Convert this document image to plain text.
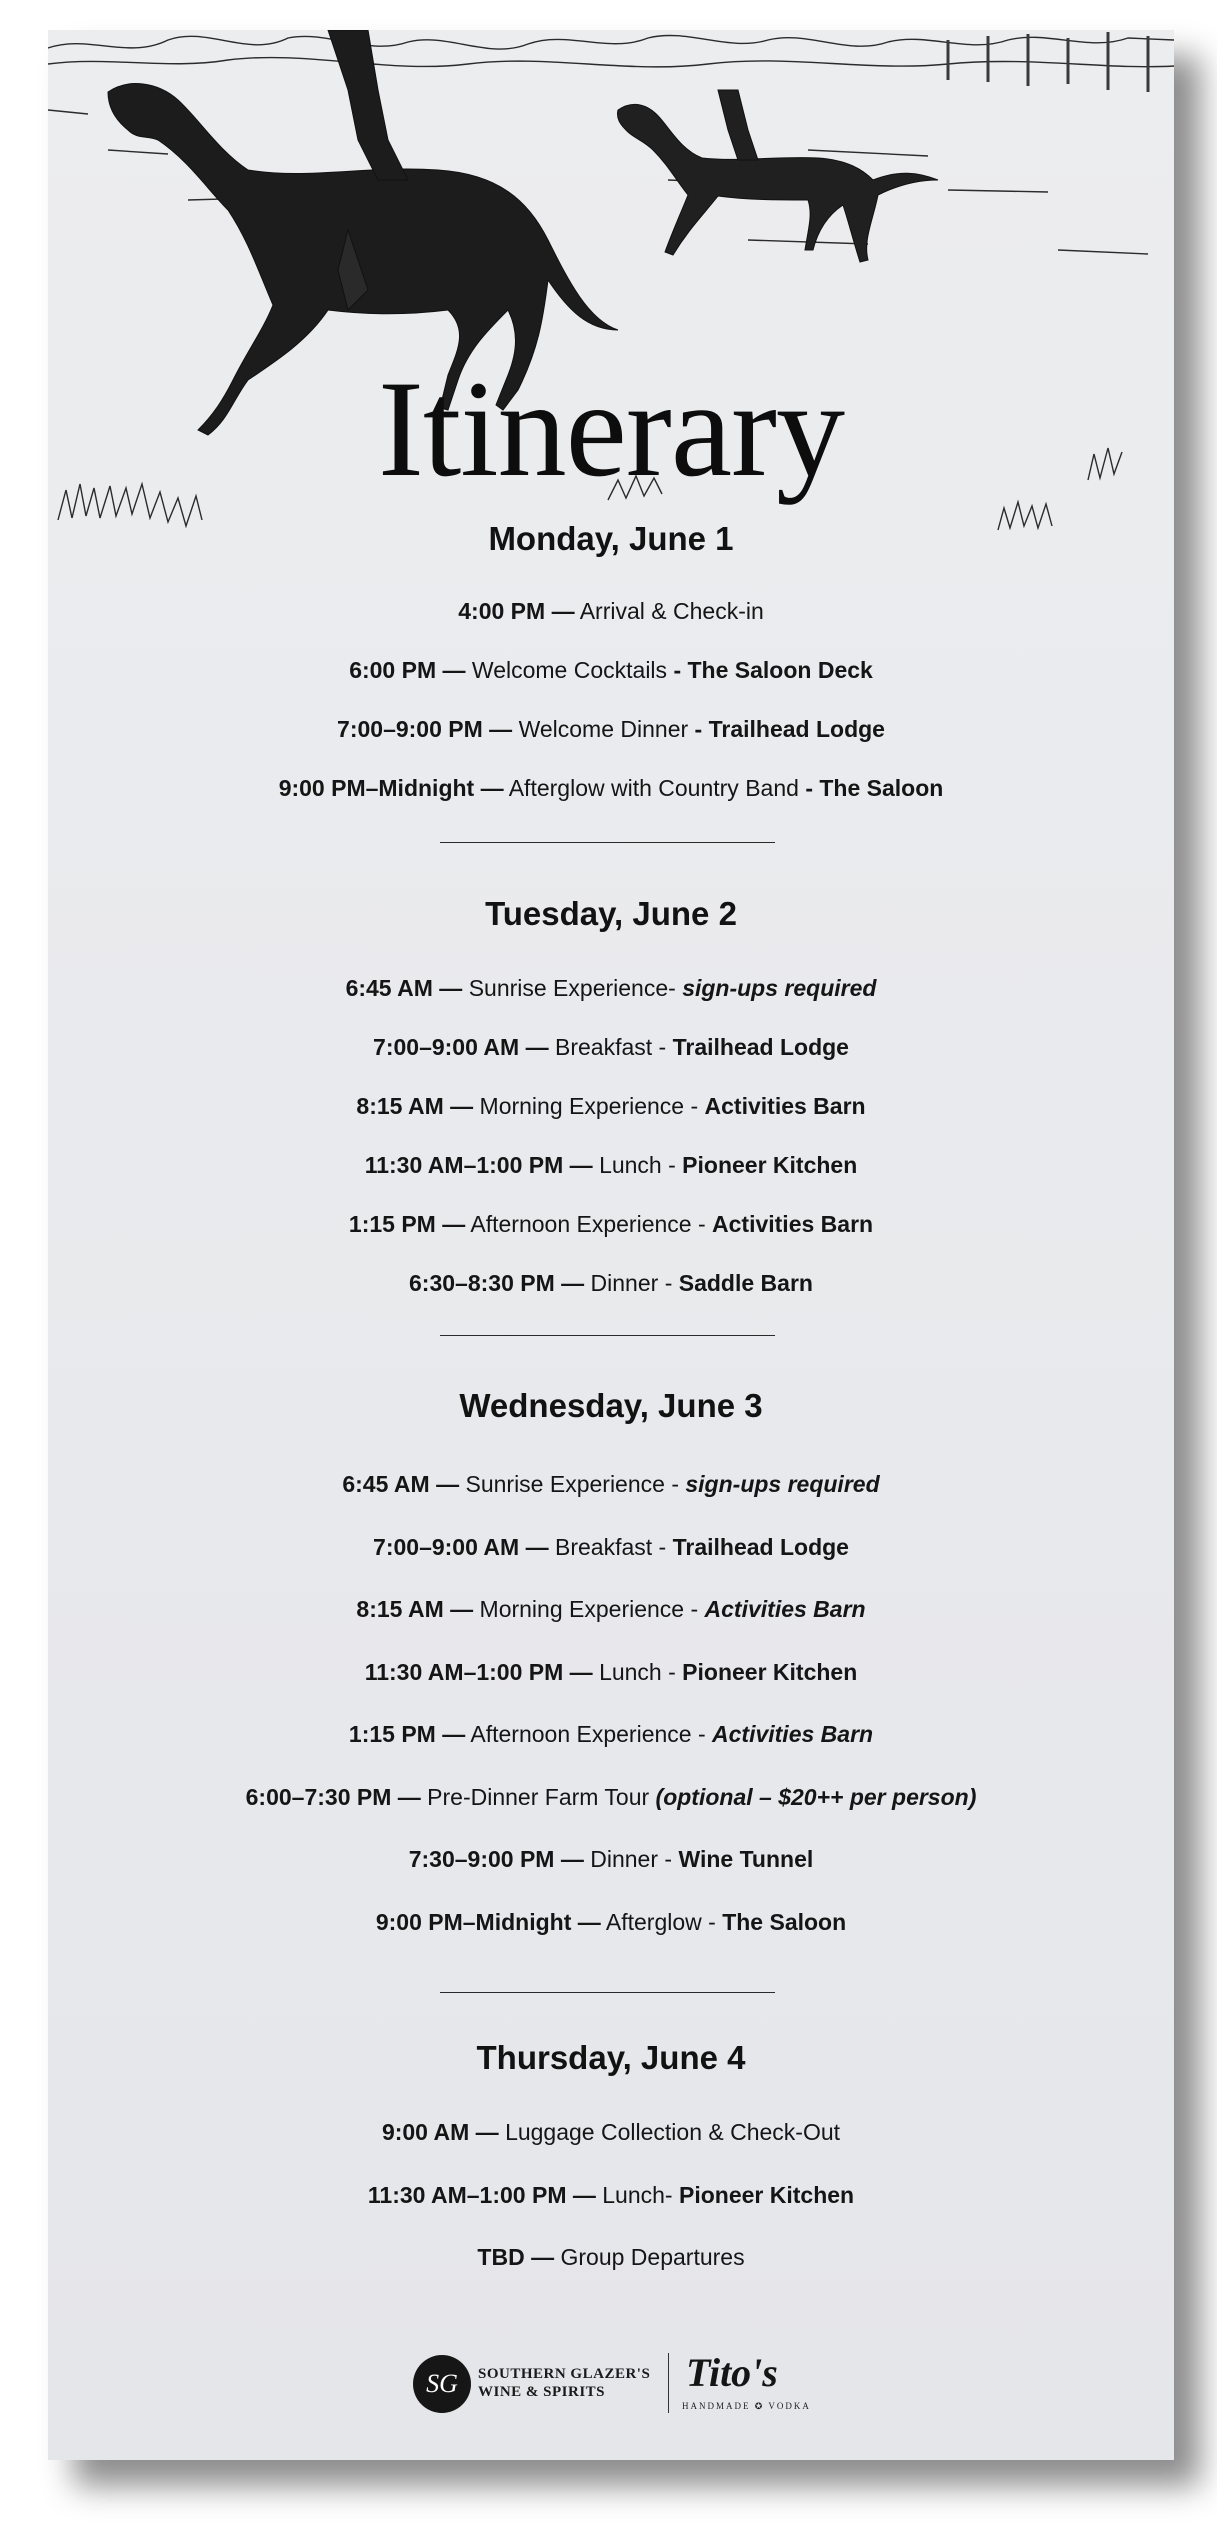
Itinerary
SG	SOUTHERN GLAZER'S
WINE & SPIRITS	Tito's
HANDMADE ✪ VODKA
Monday, June 1
4:00 PM — Arrival & Check-in
6:00 PM — Welcome Cocktails - The Saloon Deck
7:00–9:00 PM — Welcome Dinner - Trailhead Lodge
9:00 PM–Midnight — Afterglow with Country Band - The Saloon
Tuesday, June 2
6:45 AM — Sunrise Experience- sign-ups required
7:00–9:00 AM — Breakfast - Trailhead Lodge
8:15 AM — Morning Experience - Activities Barn
11:30 AM–1:00 PM — Lunch - Pioneer Kitchen
1:15 PM — Afternoon Experience - Activities Barn
6:30–8:30 PM — Dinner - Saddle Barn
Wednesday, June 3
6:45 AM — Sunrise Experience - sign-ups required
7:00–9:00 AM — Breakfast - Trailhead Lodge
8:15 AM — Morning Experience - Activities Barn
11:30 AM–1:00 PM — Lunch - Pioneer Kitchen
1:15 PM — Afternoon Experience - Activities Barn
6:00–7:30 PM — Pre-Dinner Farm Tour (optional – $20++ per person)
7:30–9:00 PM — Dinner - Wine Tunnel
9:00 PM–Midnight — Afterglow - The Saloon
Thursday, June 4
9:00 AM — Luggage Collection & Check-Out
11:30 AM–1:00 PM — Lunch- Pioneer Kitchen
TBD — Group Departures
